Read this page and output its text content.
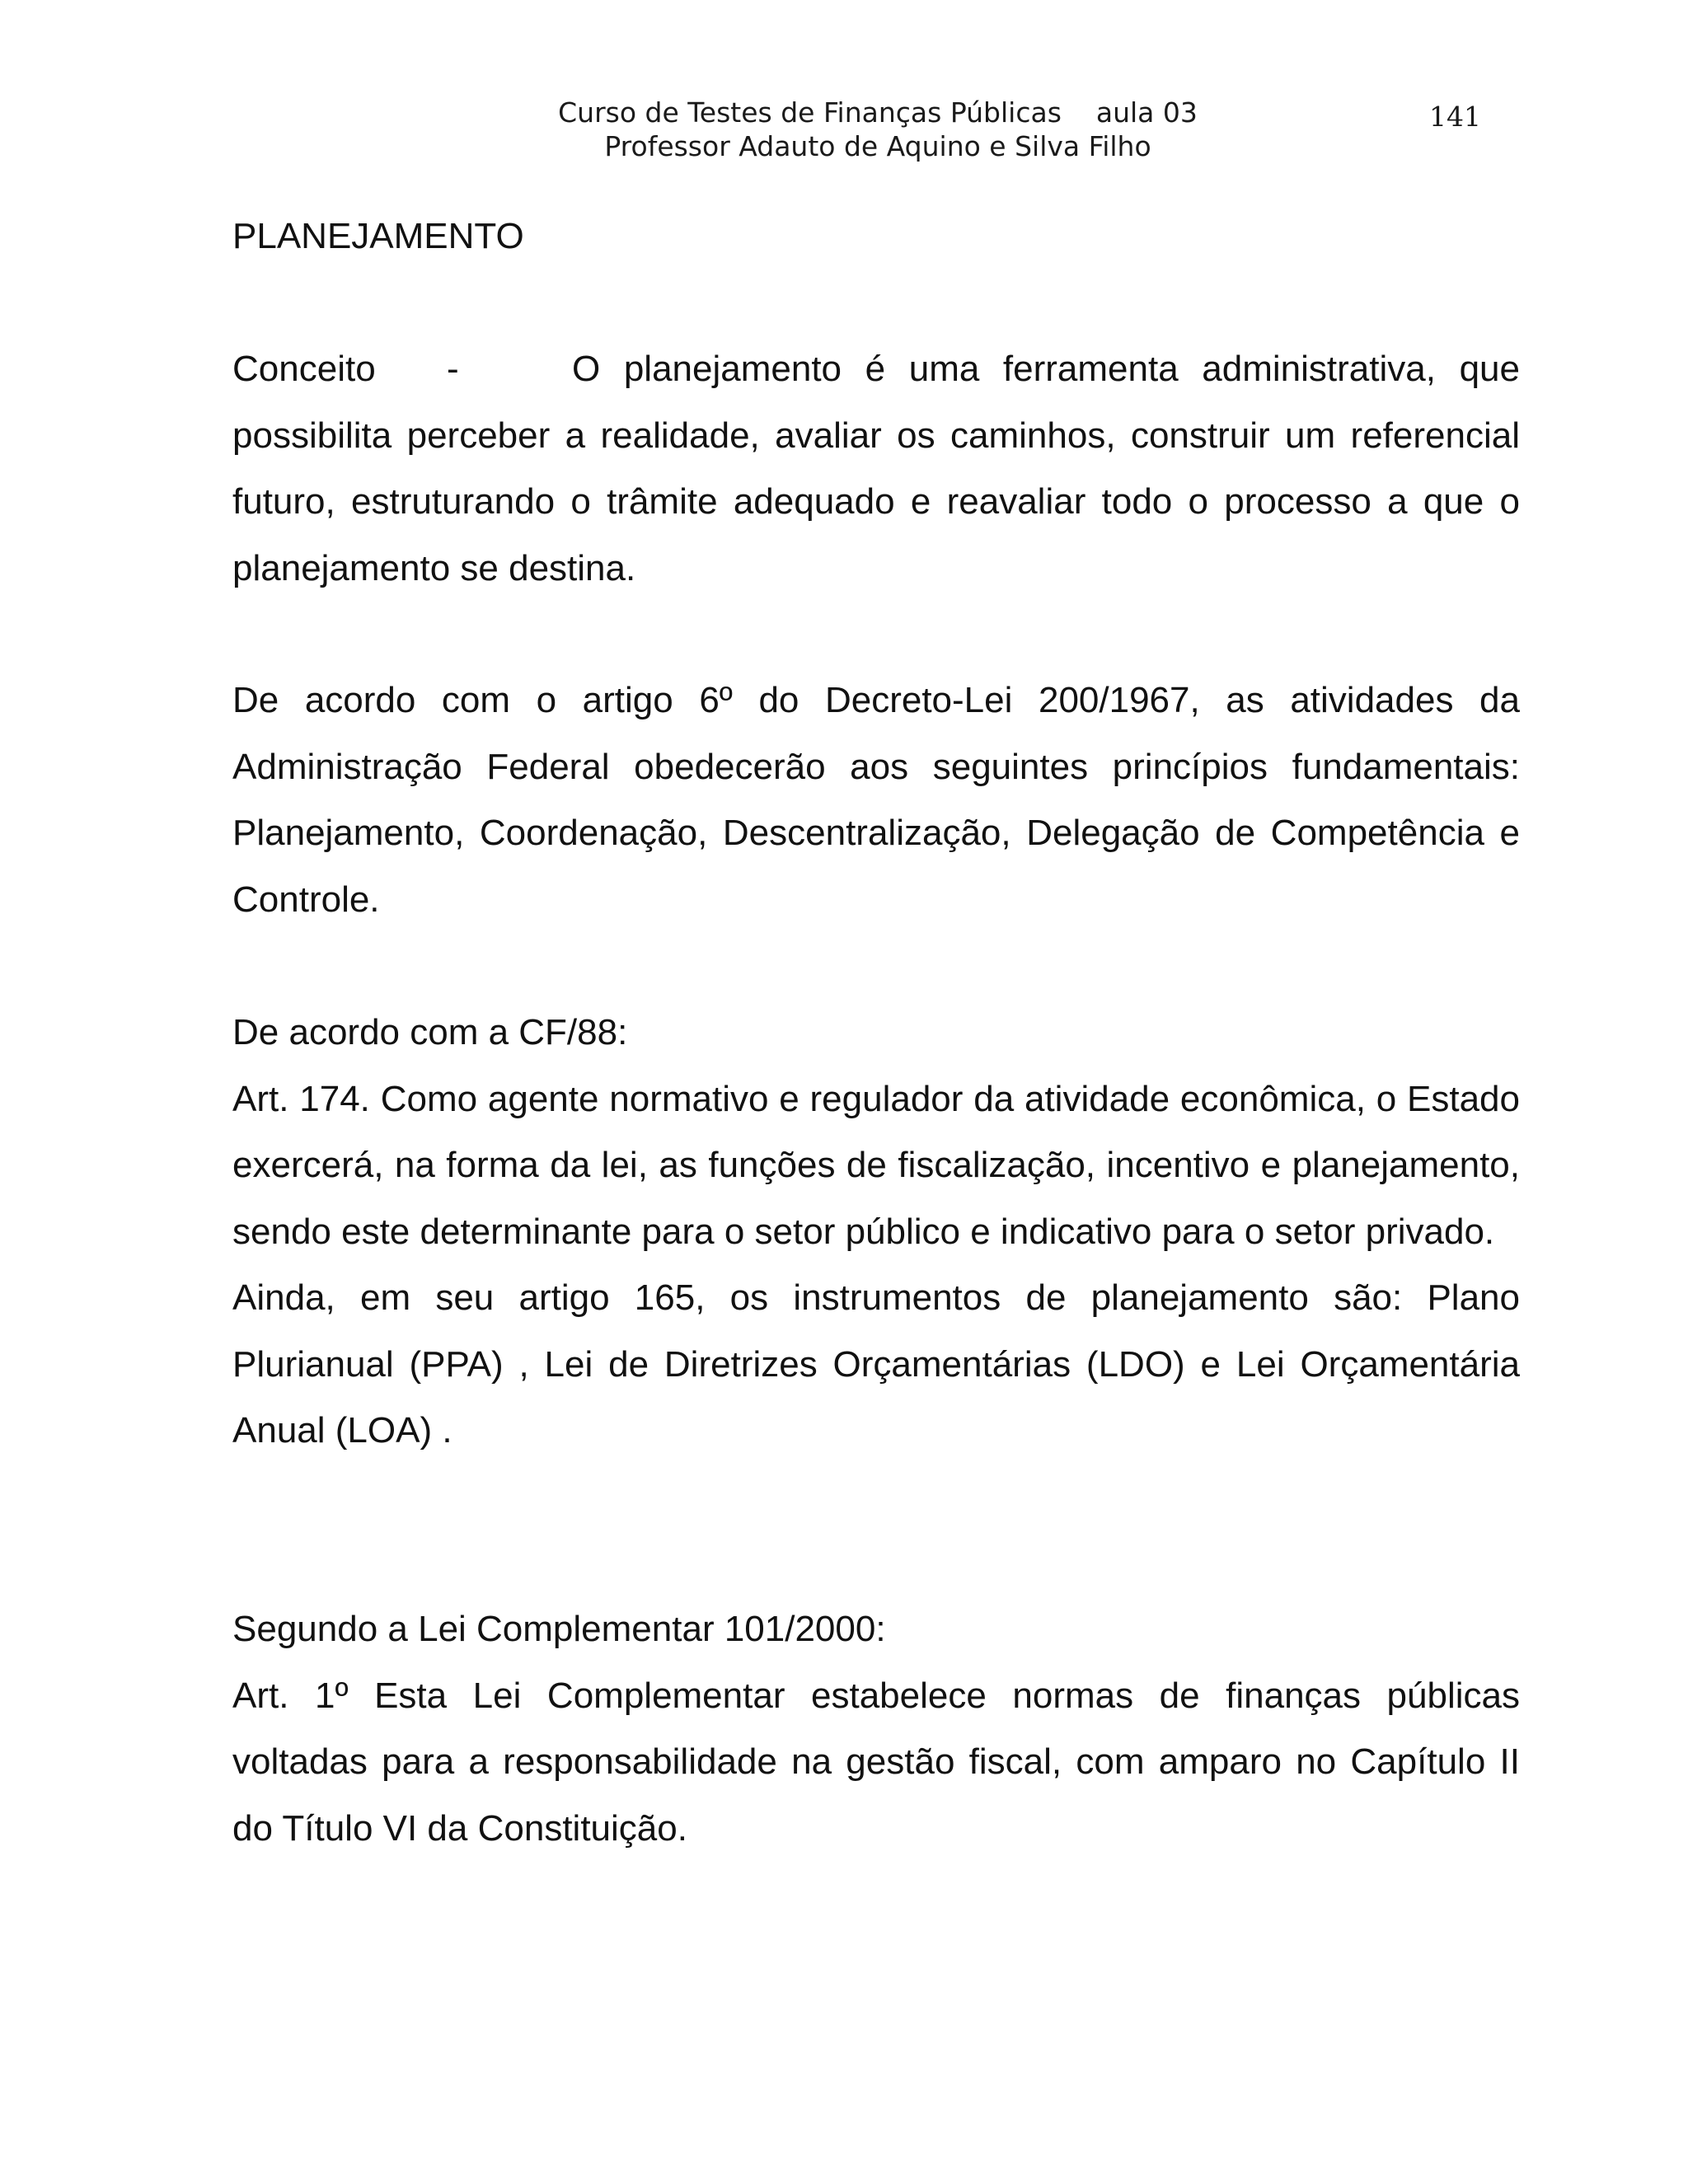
Curso de Testes de Finanças Públicas    aula 03
Professor Adauto de Aquino e Silva Filho
141
PLANEJAMENTO

Conceito -	O planejamento é uma ferramenta administrativa, que possibilita perceber a realidade, avaliar os caminhos, construir um referencial futuro, estruturando o trâmite adequado e reavaliar todo o processo a que o planejamento se destina.

De acordo com o artigo 6º do Decreto-Lei 200/1967, as atividades da Administração Federal obedecerão aos seguintes princípios fundamentais: Planejamento, Coordenação, Descentralização, Delegação de Competência e Controle.

De acordo com a CF/88:

Art. 174. Como agente normativo e regulador da atividade econômica, o Estado exercerá, na forma da lei, as funções de fiscalização, incentivo e planejamento, sendo este determinante para o setor público e indicativo para o setor privado.

Ainda, em seu artigo 165, os instrumentos de planejamento são: Plano Plurianual (PPA) , Lei de Diretrizes Orçamentárias (LDO) e Lei Orçamentária Anual (LOA) .

Segundo a Lei Complementar 101/2000:

Art. 1º Esta Lei Complementar estabelece normas de finanças públicas voltadas para a responsabilidade na gestão fiscal, com amparo no Capítulo II do Título VI da Constituição.
